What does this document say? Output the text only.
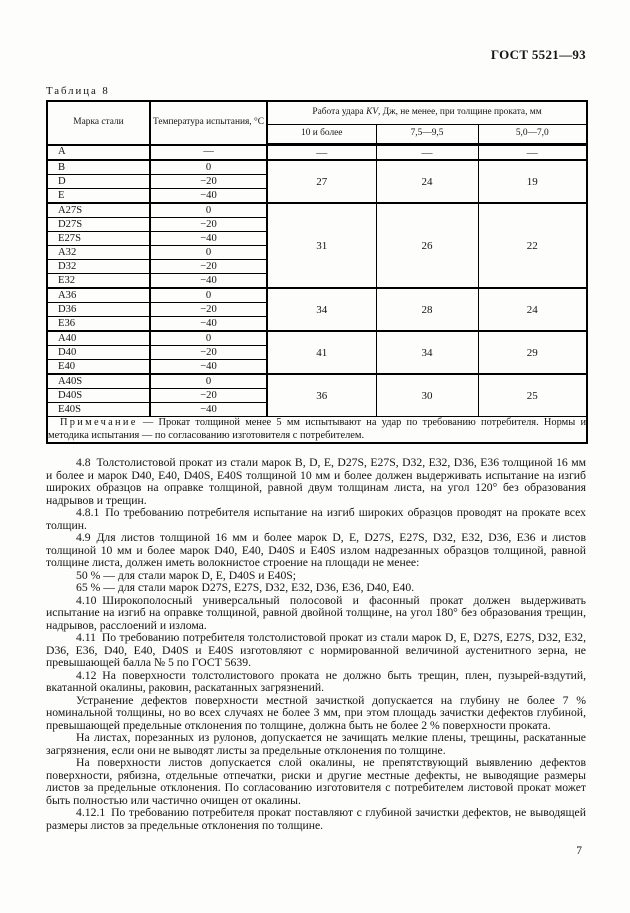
ГОСТ 5521—93
Таблица 8
Марка стали	Температура испытания, °С	Работа удара KV, Дж, не менее, при толщине проката, мм		
		10 и более	7,5—9,5	5,0—7,0
A	—	—	—	—
B	0	27	24	19
D	−20			
E	−40			
A27S	0	31	26	22
D27S	−20			
E27S	−40			
A32	0			
D32	−20			
E32	−40			
A36	0	34	28	24
D36	−20			
E36	−40			
A40	0	41	34	29
D40	−20			
E40	−40			
A40S	0	36	30	25
D40S	−20			
E40S	−40			
Примечание — Прокат толщиной менее 5 мм испытывают на удар по требованию потребителя. Нормы и методика испытания — по согласованию изготовителя с потребителем.				

4.8 Толстолистовой прокат из стали марок B, D, E, D27S, E27S, D32, E32, D36, E36 толщиной 16 мм и более и марок D40, E40, D40S, E40S толщиной 10 мм и более должен выдерживать испытание на изгиб широких образцов на оправке толщиной, равной двум толщинам листа, на угол 120° без образования надрывов и трещин.

4.8.1 По требованию потребителя испытание на изгиб широких образцов проводят на прокате всех толщин.

4.9 Для листов толщиной 16 мм и более марок D, E, D27S, E27S, D32, E32, D36, E36 и листов толщиной 10 мм и более марок D40, E40, D40S и E40S излом надрезанных образцов толщиной, равной толщине листа, должен иметь волокнистое строение на площади не менее:

50 % — для стали марок D, E, D40S и E40S;

65 % — для стали марок D27S, E27S, D32, E32, D36, E36, D40, E40.

4.10 Широкополосный универсальный полосовой и фасонный прокат должен выдерживать испытание на изгиб на оправке толщиной, равной двойной толщине, на угол 180° без образования трещин, надрывов, расслоений и излома.

4.11 По требованию потребителя толстолистовой прокат из стали марок D, E, D27S, E27S, D32, E32, D36, E36, D40, E40, D40S и E40S изготовляют с нормированной величиной аустенитного зерна, не превышающей балла № 5 по ГОСТ 5639.

4.12 На поверхности толстолистового проката не должно быть трещин, плен, пузырей-вздутий, вкатанной окалины, раковин, раскатанных загрязнений.

Устранение дефектов поверхности местной зачисткой допускается на глубину не более 7 % номинальной толщины, но во всех случаях не более 3 мм, при этом площадь зачистки дефектов глубиной, превышающей предельные отклонения по толщине, должна быть не более 2 % поверхности проката.

На листах, порезанных из рулонов, допускается не зачищать мелкие плены, трещины, раскатанные загрязнения, если они не выводят листы за предельные отклонения по толщине.

На поверхности листов допускается слой окалины, не препятствующий выявлению дефектов поверхности, рябизна, отдельные отпечатки, риски и другие местные дефекты, не выводящие размеры листов за предельные отклонения. По согласованию изготовителя с потребителем листовой прокат может быть полностью или частично очищен от окалины.

4.12.1 По требованию потребителя прокат поставляют с глубиной зачистки дефектов, не выводящей размеры листов за предельные отклонения по толщине.

7
